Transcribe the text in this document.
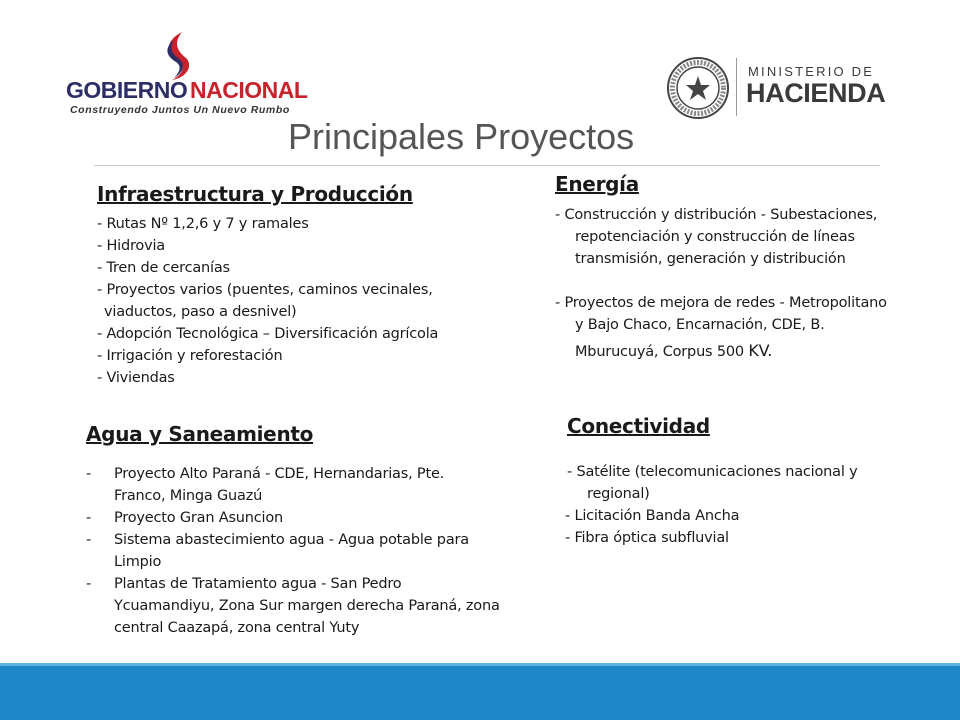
GOBIERNO NACIONAL
Construyendo Juntos Un Nuevo Rumbo
MINISTERIO DE
HACIENDA
Principales Proyectos
Infraestructura y Producción
- Rutas Nº 1,2,6 y 7 y ramales
- Hidrovia
- Tren de cercanías
- Proyectos varios (puentes, caminos vecinales,
viaductos, paso a desnivel)
- Adopción Tecnológica – Diversificación agrícola
- Irrigación y reforestación
- Viviendas
Energía
- Construcción y distribución - Subestaciones,
repotenciación y construcción de líneas
transmisión, generación y distribución
- Proyectos de mejora de redes - Metropolitano
y Bajo Chaco, Encarnación, CDE, B.
Mburucuyá, Corpus 500 KV.
Agua y Saneamiento
- Proyecto Alto Paraná - CDE, Hernandarias, Pte.
Franco, Minga Guazú
- Proyecto Gran Asuncion
- Sistema abastecimiento agua - Agua potable para
Limpio
- Plantas de Tratamiento agua - San Pedro
Ycuamandiyu, Zona Sur margen derecha Paraná, zona
central Caazapá, zona central Yuty
Conectividad
- Satélite (telecomunicaciones nacional y
regional)
- Licitación Banda Ancha
- Fibra óptica subfluvial
